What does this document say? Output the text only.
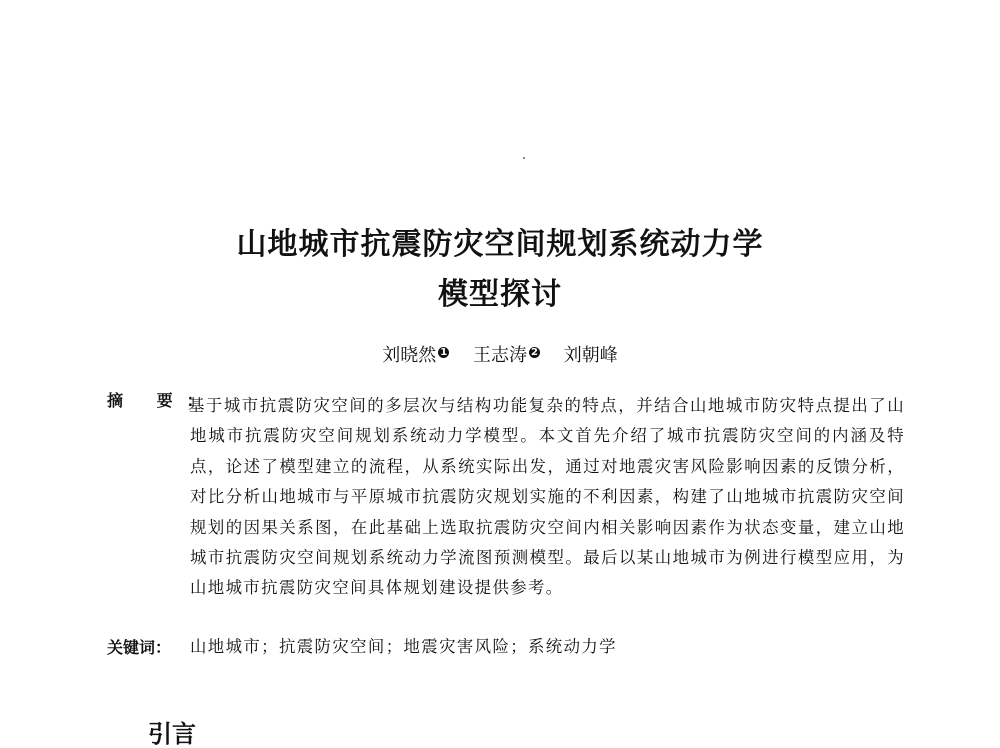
山地城市抗震防灾空间规划系统动力学
模型探讨
刘晓然 $^1$ 王志涛 $^2$ 刘朝峰
摘 要：
基于城市抗震防灾空间的多层次与结构功能复杂的特点，并结合山地城市防灾特点提出了山地城市抗震防灾空间规划系统动力学模型。本文首先介绍了城市抗震防灾空间的内涵及特点，论述了模型建立的流程，从系统实际出发，通过对地震灾害风险影响因素的反馈分析，对比分析山地城市与平原城市抗震防灾规划实施的不利因素，构建了山地城市抗震防灾空间规划的因果关系图，在此基础上选取抗震防灾空间内相关影响因素作为状态变量，建立山地城市抗震防灾空间规划系统动力学流图预测模型。最后以某山地城市为例进行模型应用，为山地城市抗震防灾空间具体规划建设提供参考。
关键词： 山地城市；抗震防灾空间；地震灾害风险；系统动力学
引言
